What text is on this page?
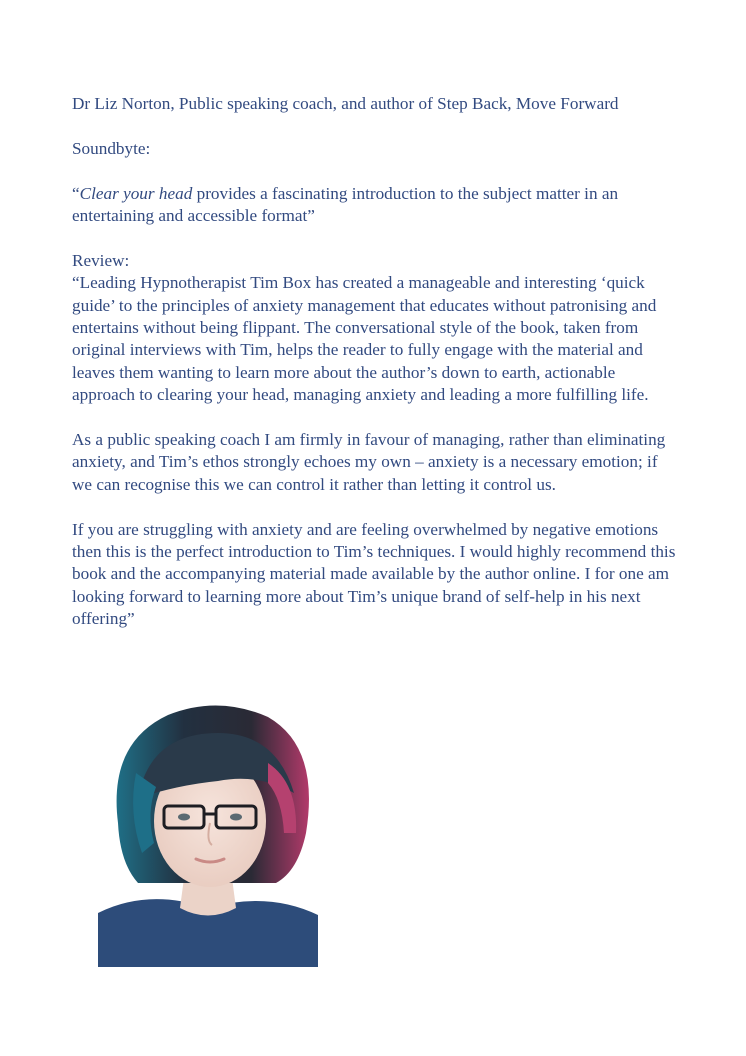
Dr Liz Norton, Public speaking coach, and author of Step Back, Move Forward

Soundbyte:

“Clear your head provides a fascinating introduction to the subject matter in an entertaining and accessible format”

Review:

“Leading Hypnotherapist Tim Box has created a manageable and interesting ‘quick guide’ to the principles of anxiety management that educates without patronising and entertains without being flippant. The conversational style of the book, taken from original interviews with Tim, helps the reader to fully engage with the material and leaves them wanting to learn more about the author’s down to earth, actionable approach to clearing your head, managing anxiety and leading a more fulfilling life.

As a public speaking coach I am firmly in favour of managing, rather than eliminating anxiety, and Tim’s ethos strongly echoes my own – anxiety is a necessary emotion; if we can recognise this we can control it rather than letting it control us.

If you are struggling with anxiety and are feeling overwhelmed by negative emotions then this is the perfect introduction to Tim’s techniques. I would highly recommend this book and the accompanying material made available by the author online. I for one am looking forward to learning more about Tim’s unique brand of self-help in his next offering”
